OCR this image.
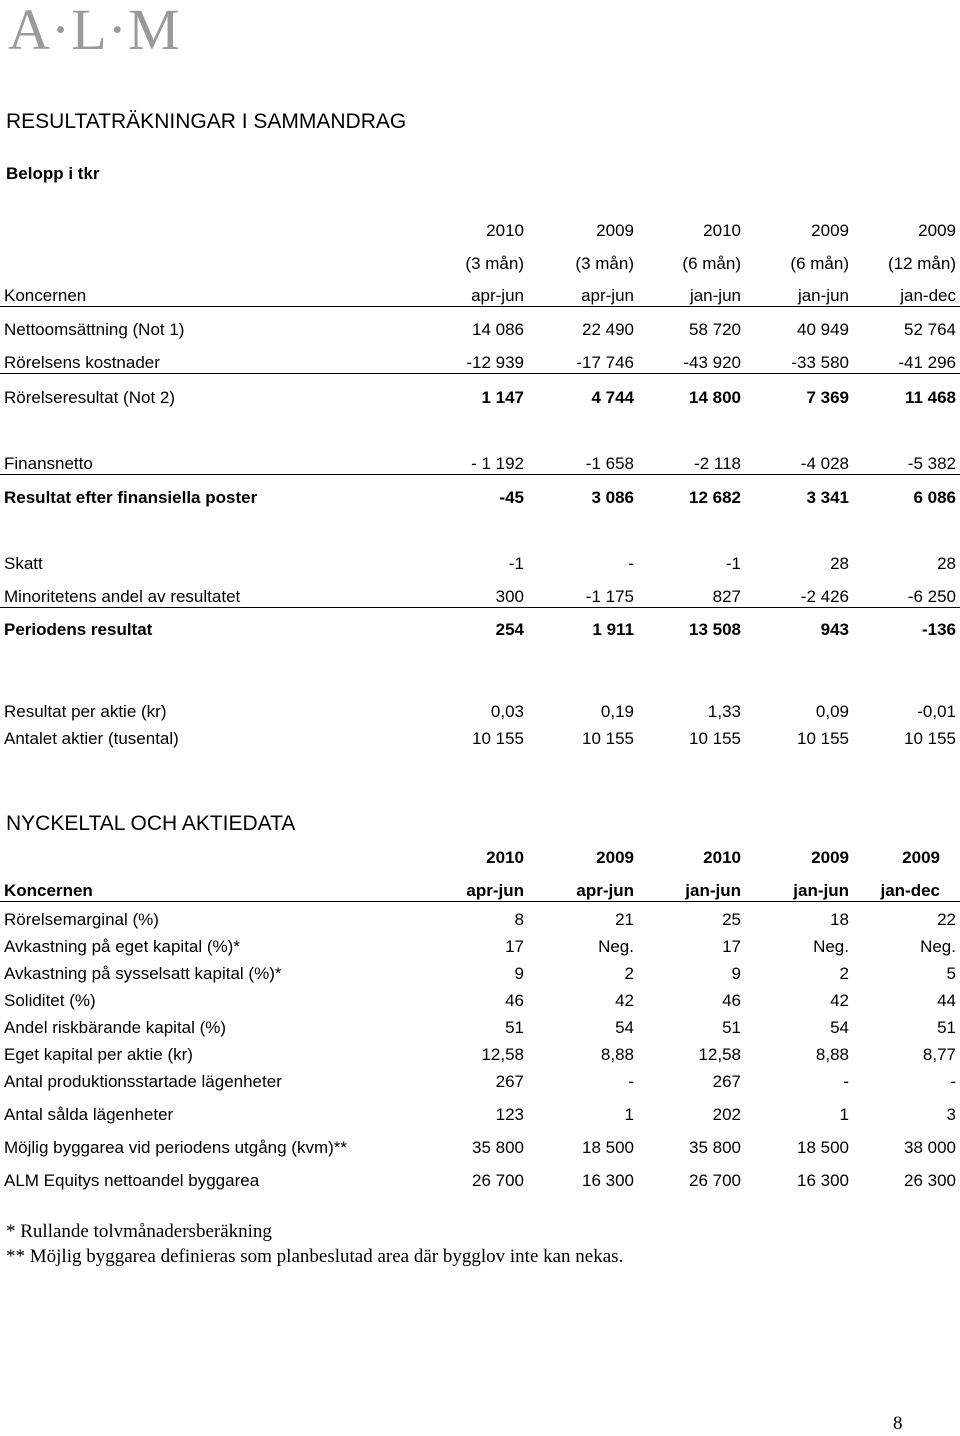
A·L·M
RESULTATRÄKNINGAR I SAMMANDRAG
Belopp i tkr
2010	2009	2010	2009	2009
(3 mån)	(3 mån)	(6 mån)	(6 mån)	(12 mån)
Koncernen	apr-jun	apr-jun	jan-jun	jan-jun	jan-dec
Nettoomsättning (Not 1)	14 086	22 490	58 720	40 949	52 764
Rörelsens kostnader	-12 939	-17 746	-43 920	-33 580	-41 296
Rörelseresultat (Not 2)	1 147	4 744	14 800	7 369	11 468
Finansnetto	- 1 192	-1 658	-2 118	-4 028	-5 382
Resultat efter finansiella poster	-45	3 086	12 682	3 341	6 086
Skatt	-1	-	-1	28	28
Minoritetens andel av resultatet	300	-1 175	827	-2 426	-6 250
Periodens resultat	254	1 911	13 508	943	-136
Resultat per aktie (kr)	0,03	0,19	1,33	0,09	-0,01
Antalet aktier (tusental)	10 155	10 155	10 155	10 155	10 155
NYCKELTAL OCH AKTIEDATA
2010	2009	2010	2009	2009
Koncernen	apr-jun	apr-jun	jan-jun	jan-jun	jan-dec
Rörelsemarginal (%)	8	21	25	18	22
Avkastning på eget kapital (%)*	17	Neg.	17	Neg.	Neg.
Avkastning på sysselsatt kapital (%)*	9	2	9	2	5
Soliditet (%)	46	42	46	42	44
Andel riskbärande kapital (%)	51	54	51	54	51
Eget kapital per aktie (kr)	12,58	8,88	12,58	8,88	8,77
Antal produktionsstartade lägenheter	267	-	267	-	-
Antal sålda lägenheter	123	1	202	1	3
Möjlig byggarea vid periodens utgång (kvm)**	35 800	18 500	35 800	18 500	38 000
ALM Equitys nettoandel byggarea	26 700	16 300	26 700	16 300	26 300
* Rullande tolvmånadersberäkning
** Möjlig byggarea definieras som planbeslutad area där bygglov inte kan nekas.
8
